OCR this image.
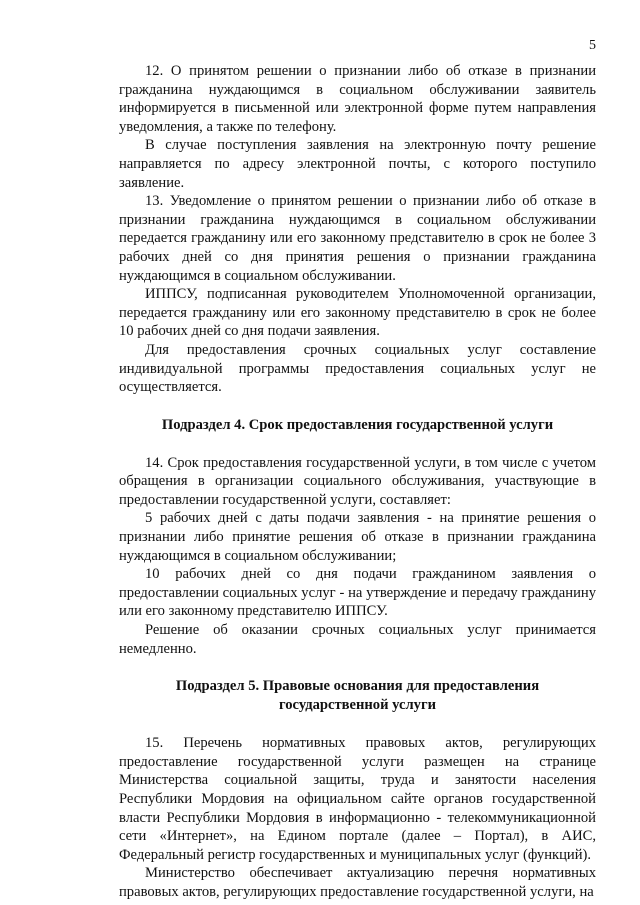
5

12. О принятом решении о признании либо об отказе в признании гражданина нуждающимся в социальном обслуживании заявитель информируется в письменной или электронной форме путем направления уведомления, а также по телефону.

В случае поступления заявления на электронную почту решение направляется по адресу электронной почты, с которого поступило заявление.

13. Уведомление о принятом решении о признании либо об отказе в признании гражданина нуждающимся в социальном обслуживании передается гражданину или его законному представителю в срок не более 3 рабочих дней со дня принятия решения о признании гражданина нуждающимся в социальном обслуживании.

ИППСУ, подписанная руководителем Уполномоченной организации, передается гражданину или его законному представителю в срок не более 10 рабочих дней со дня подачи заявления.

Для предоставления срочных социальных услуг составление индивидуальной программы предоставления социальных услуг не осуществляется.

Подраздел 4. Срок предоставления государственной услуги

14. Срок предоставления государственной услуги, в том числе с учетом обращения в организации социального обслуживания, участвующие в предоставлении государственной услуги, составляет:

5 рабочих дней с даты подачи заявления - на принятие решения о признании либо принятие решения об отказе в признании гражданина нуждающимся в социальном обслуживании;

10 рабочих дней со дня подачи гражданином заявления о предоставлении социальных услуг - на утверждение и передачу гражданину или его законному представителю ИППСУ.

Решение об оказании срочных социальных услуг принимается немедленно.

Подраздел 5. Правовые основания для предоставления

государственной услуги

15. Перечень нормативных правовых актов, регулирующих предоставление государственной услуги размещен на странице Министерства социальной защиты, труда и занятости населения Республики Мордовия на официальном сайте органов государственной власти Республики Мордовия в информационно - телекоммуникационной сети «Интернет», на Едином портале (далее – Портал), в АИС, Федеральный регистр государственных и муниципальных услуг (функций).

Министерство обеспечивает актуализацию перечня нормативных правовых актов, регулирующих предоставление государственной услуги, на
